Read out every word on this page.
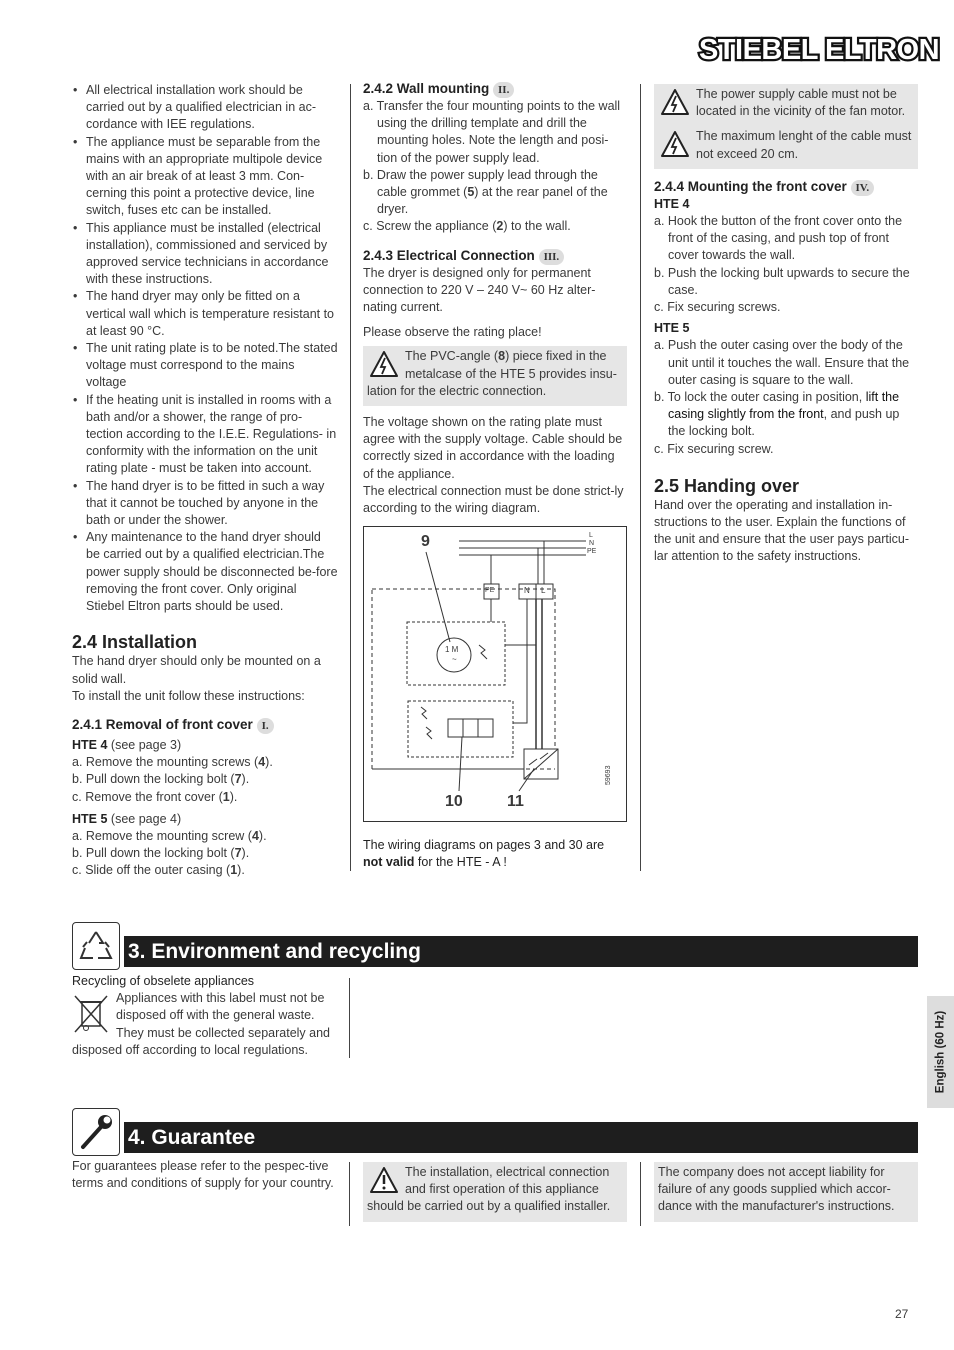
STIEBEL ELTRON
• All electrical installation work should be carried out by a qualified electrician in ac-cordance with IEE regulations.
• The appliance must be separable from the mains with an appropriate multipole device with an air break of at least 3 mm. Con-cerning this point a protective device, line switch, fuses etc can be installed.
• This appliance must be installed (electrical installation), commissioned and serviced by approved service technicians in accordance with these instructions.
• The hand dryer may only be fitted on a vertical wall which is temperature resistant to at least 90 °C.
• The unit rating plate is to be noted.The stated voltage must correspond to the mains voltage
• If the heating unit is installed in rooms with a bath and/or a shower, the range of pro-tection according to the I.E.E. Regulations- in conformity with the information on the unit rating plate - must be taken into account.
• The hand dryer is to be fitted in such a way that it cannot be touched by anyone in the bath or under the shower.
• Any maintenance to the hand dryer should be carried out by a qualified electrician.The power supply should be disconnected be-fore removing the front cover. Only original Stiebel Eltron parts should be used.
2.4 Installation

The hand dryer should only be mounted on a solid wall.

To install the unit follow these instructions:

2.4.1 Removal of front cover I.
HTE 4 (see page 3)
a. Remove the mounting screws (4).
b. Pull down the locking bolt (7).
c. Remove the front cover (1).
HTE 5 (see page 4)
a. Remove the mounting screw (4).
b. Pull down the locking bolt (7).
c. Slide off the outer casing (1).
2.4.2 Wall mounting II.
a. Transfer the four mounting points to the wall using the drilling template and drill the mounting holes. Note the length and posi-tion of the power supply lead.
b. Draw the power supply lead through the cable grommet (5) at the rear panel of the dryer.
c. Screw the appliance (2) to the wall.
2.4.3 Electrical Connection III.

The dryer is designed only for permanent connection to 220 V – 240 V~ 60 Hz alter-nating current.

Please observe the rating place!

The PVC-angle (8) piece fixed in the metalcase of the HTE 5 provides insu-lation for the electric connection.

The voltage shown on the rating plate must agree with the supply voltage. Cable should be correctly sized in accordance with the loading of the appliance.

The electrical connection must be done strict-ly according to the wiring diagram.

9	L
N
PE
PE	N L
1 M
~
10	11
59693

The wiring diagrams on pages 3 and 30 are not valid for the HTE - A !

The power supply cable must not be located in the vicinity of the fan motor.
The maximum lenght of the cable must not exceed 20 cm.
2.4.4 Mounting the front cover IV.
HTE 4
a. Hook the button of the front cover onto the front of the casing, and push top of front cover towards the wall.
b. Push the locking bult upwards to secure the case.
c. Fix securing screws.
HTE 5
a. Push the outer casing over the body of the unit until it touches the wall. Ensure that the outer casing is square to the wall.
b. To lock the outer casing in position, lift the casing slightly from the front, and push up the locking bolt.
c. Fix securing screw.
2.5 Handing over

Hand over the operating and installation in-structions to the user. Explain the functions of the unit and ensure that the user pays particu-lar attention to the safety instructions.

3. Environment and recycling

Recycling of obselete appliances

Appliances with this label must not be disposed off with the general waste. They must be collected separately and disposed off according to local regulations.	English (60 Hz)
4. Guarantee
For guarantees please refer to the pespec-tive terms and conditions of supply for your country.
The installation, electrical connection and first operation of this appliance should be carried out by a qualified installer.
The company does not accept liability for failure of any goods supplied which accor-dance with the manufacturer's instructions.
27
